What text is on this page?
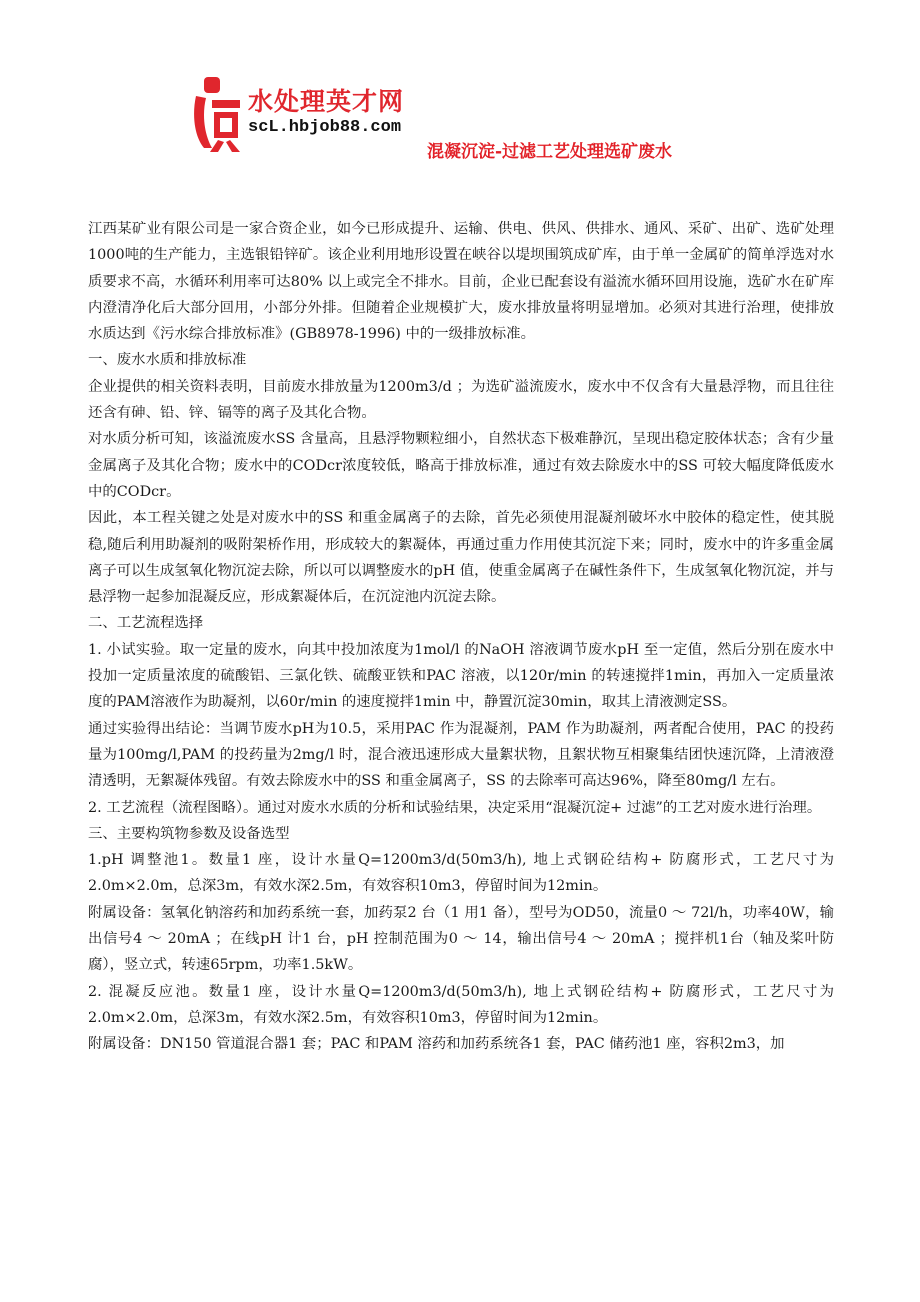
水处理英才网
scL.hbjob88.com
混凝沉淀-过滤工艺处理选矿废水

江西某矿业有限公司是一家合资企业，如今已形成提升、运输、供电、供风、供排水、通风、采矿、出矿、选矿处理1000吨的生产能力，主选银铅锌矿。该企业利用地形设置在峡谷以堤坝围筑成矿库，由于单一金属矿的简单浮选对水质要求不高，水循环利用率可达80% 以上或完全不排水。目前，企业已配套设有溢流水循环回用设施，选矿水在矿库内澄清净化后大部分回用，小部分外排。但随着企业规模扩大，废水排放量将明显增加。必须对其进行治理，使排放水质达到《污水综合排放标准》(GB8978-1996) 中的一级排放标准。

一、废水水质和排放标准

企业提供的相关资料表明，目前废水排放量为1200m3/d ；为选矿溢流废水，废水中不仅含有大量悬浮物，而且往往还含有砷、铅、锌、镉等的离子及其化合物。

对水质分析可知，该溢流废水SS 含量高，且悬浮物颗粒细小，自然状态下极难静沉，呈现出稳定胶体状态；含有少量金属离子及其化合物；废水中的CODcr浓度较低，略高于排放标准，通过有效去除废水中的SS 可较大幅度降低废水中的CODcr。

因此，本工程关键之处是对废水中的SS 和重金属离子的去除，首先必须使用混凝剂破坏水中胶体的稳定性，使其脱稳,随后利用助凝剂的吸附架桥作用，形成较大的絮凝体，再通过重力作用使其沉淀下来；同时，废水中的许多重金属离子可以生成氢氧化物沉淀去除，所以可以调整废水的pH 值，使重金属离子在碱性条件下，生成氢氧化物沉淀，并与悬浮物一起参加混凝反应，形成絮凝体后，在沉淀池内沉淀去除。

二、工艺流程选择

1. 小试实验。取一定量的废水，向其中投加浓度为1mol/l 的NaOH 溶液调节废水pH 至一定值，然后分别在废水中投加一定质量浓度的硫酸铝、三氯化铁、硫酸亚铁和PAC 溶液，以120r/min 的转速搅拌1min，再加入一定质量浓度的PAM溶液作为助凝剂，以60r/min 的速度搅拌1min 中，静置沉淀30min，取其上清液测定SS。

通过实验得出结论：当调节废水pH为10.5，采用PAC 作为混凝剂，PAM 作为助凝剂，两者配合使用，PAC 的投药量为100mg/l,PAM 的投药量为2mg/l 时，混合液迅速形成大量絮状物，且絮状物互相聚集结团快速沉降，上清液澄清透明，无絮凝体残留。有效去除废水中的SS 和重金属离子，SS 的去除率可高达96%，降至80mg/l 左右。

2. 工艺流程（流程图略）。通过对废水水质的分析和试验结果，决定采用“混凝沉淀+ 过滤”的工艺对废水进行治理。

三、主要构筑物参数及设备选型

1.pH 调整池1。数量1 座，设计水量Q=1200m3/d(50m3/h), 地上式钢砼结构+ 防腐形式，工艺尺寸为2.0m×2.0m，总深3m，有效水深2.5m，有效容积10m3，停留时间为12min。

附属设备：氢氧化钠溶药和加药系统一套，加药泵2 台（1 用1 备），型号为OD50，流量0 ～ 72l/h，功率40W，输出信号4 ～ 20mA ；在线pH 计1 台，pH 控制范围为0 ～ 14，输出信号4 ～ 20mA ；搅拌机1台（轴及桨叶防腐），竖立式，转速65rpm，功率1.5kW。

2. 混凝反应池。数量1 座，设计水量Q=1200m3/d(50m3/h), 地上式钢砼结构+ 防腐形式，工艺尺寸为2.0m×2.0m，总深3m，有效水深2.5m，有效容积10m3，停留时间为12min。

附属设备：DN150 管道混合器1 套；PAC 和PAM 溶药和加药系统各1 套，PAC 储药池1 座，容积2m3，加
